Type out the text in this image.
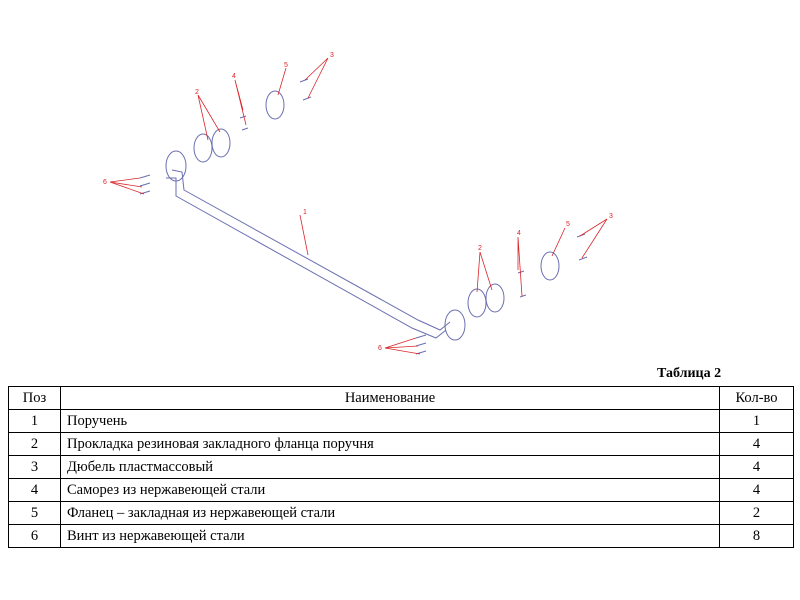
1
2
4
5
3
6
2
4
5
3
6
Таблица 2
Поз	Наименование	Кол-во
1	Поручень	1
2	Прокладка резиновая закладного фланца поручня	4
3	Дюбель пластмассовый	4
4	Саморез из нержавеющей стали	4
5	Фланец – закладная из нержавеющей стали	2
6	Винт из нержавеющей стали	8
